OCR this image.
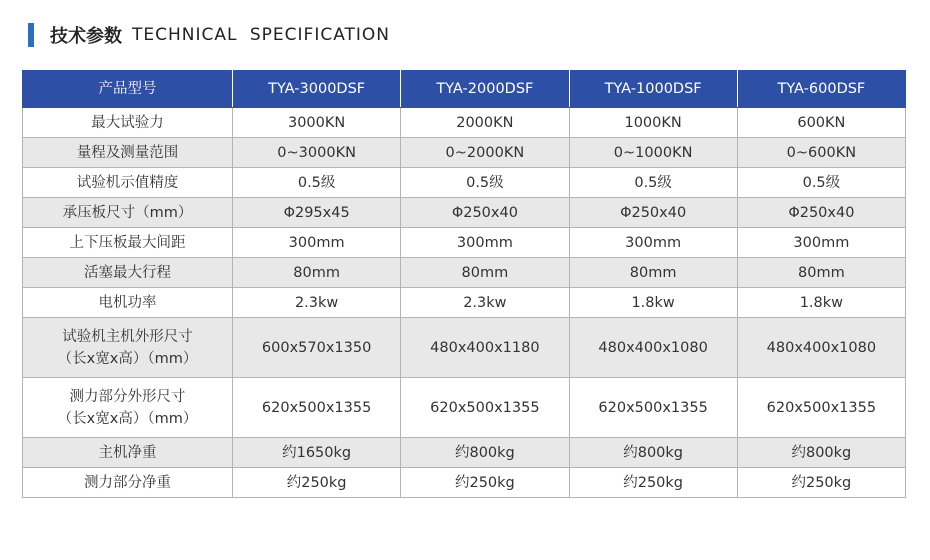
技术参数 TECHNICAL SPECIFICATION
产品型号	TYA-3000DSF	TYA-2000DSF	TYA-1000DSF	TYA-600DSF

最大试验力	3000KN	2000KN	1000KN	600KN

量程及测量范围	0~3000KN	0~2000KN	0~1000KN	0~600KN

试验机示值精度	0.5级	0.5级	0.5级	0.5级

承压板尺寸（mm）	Φ295x45	Φ250x40	Φ250x40	Φ250x40

上下压板最大间距	300mm	300mm	300mm	300mm

活塞最大行程	80mm	80mm	80mm	80mm

电机功率	2.3kw	2.3kw	1.8kw	1.8kw

试验机主机外形尺寸
（长x宽x高）（mm）	600x570x1350	480x400x1180	480x400x1080	480x400x1080

测力部分外形尺寸
（长x宽x高）（mm）	620x500x1355	620x500x1355	620x500x1355	620x500x1355

主机净重	约1650kg	约800kg	约800kg	约800kg

测力部分净重	约250kg	约250kg	约250kg	约250kg
